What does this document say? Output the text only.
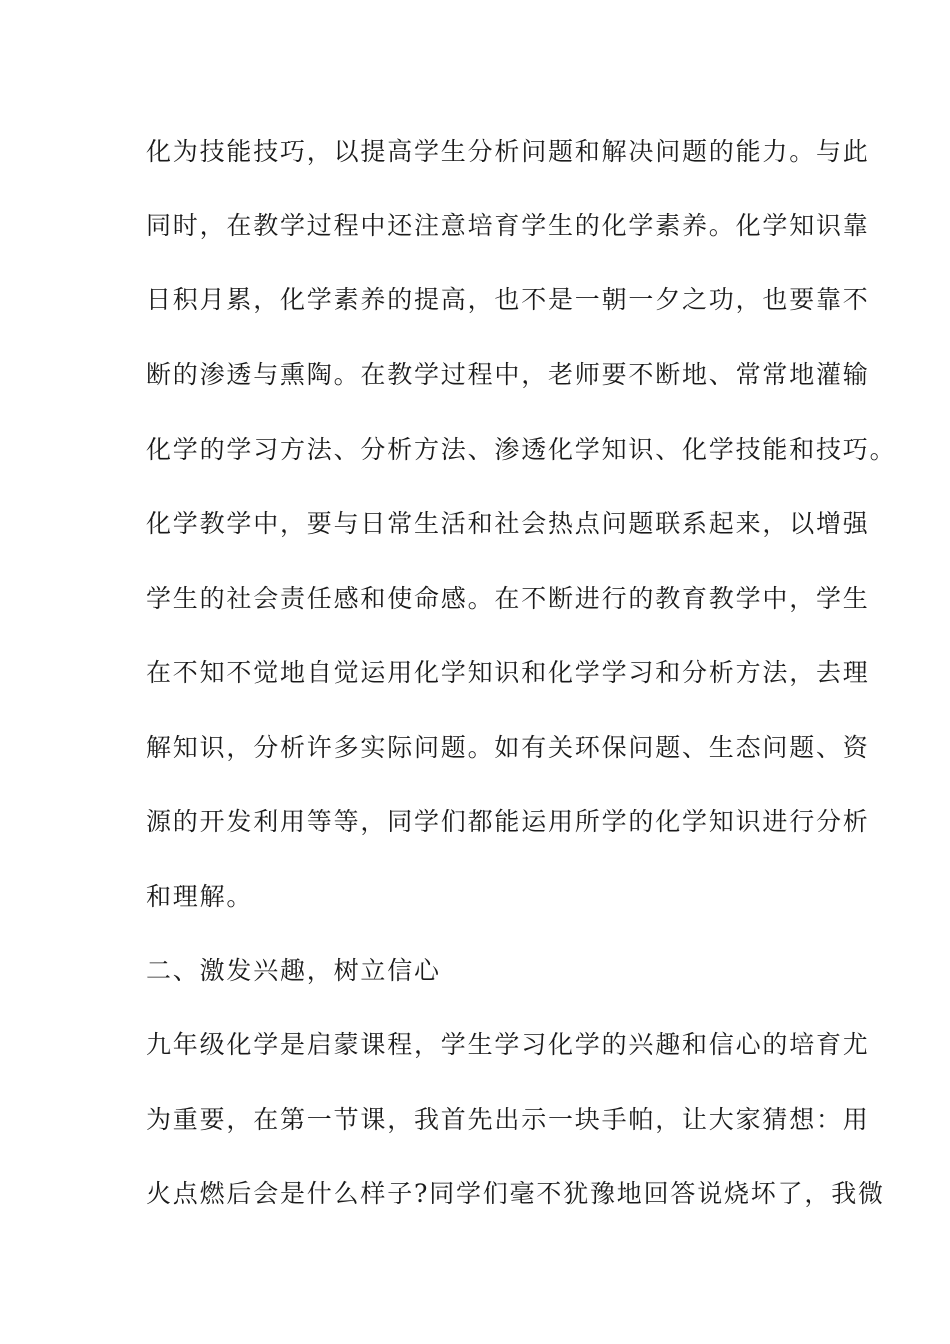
化为技能技巧，以提高学生分析问题和解决问题的能力。与此
同时，在教学过程中还注意培育学生的化学素养。化学知识靠
日积月累，化学素养的提高，也不是一朝一夕之功，也要靠不
断的渗透与熏陶。在教学过程中，老师要不断地、常常地灌输
化学的学习方法、分析方法、渗透化学知识、化学技能和技巧。
化学教学中，要与日常生活和社会热点问题联系起来，以增强
学生的社会责任感和使命感。在不断进行的教育教学中，学生
在不知不觉地自觉运用化学知识和化学学习和分析方法，去理
解知识，分析许多实际问题。如有关环保问题、生态问题、资
源的开发利用等等，同学们都能运用所学的化学知识进行分析
和理解。
二、激发兴趣，树立信心
九年级化学是启蒙课程，学生学习化学的兴趣和信心的培育尤
为重要，在第一节课，我首先出示一块手帕，让大家猜想：用
火点燃后会是什么样子?同学们毫不犹豫地回答说烧坏了，我微
